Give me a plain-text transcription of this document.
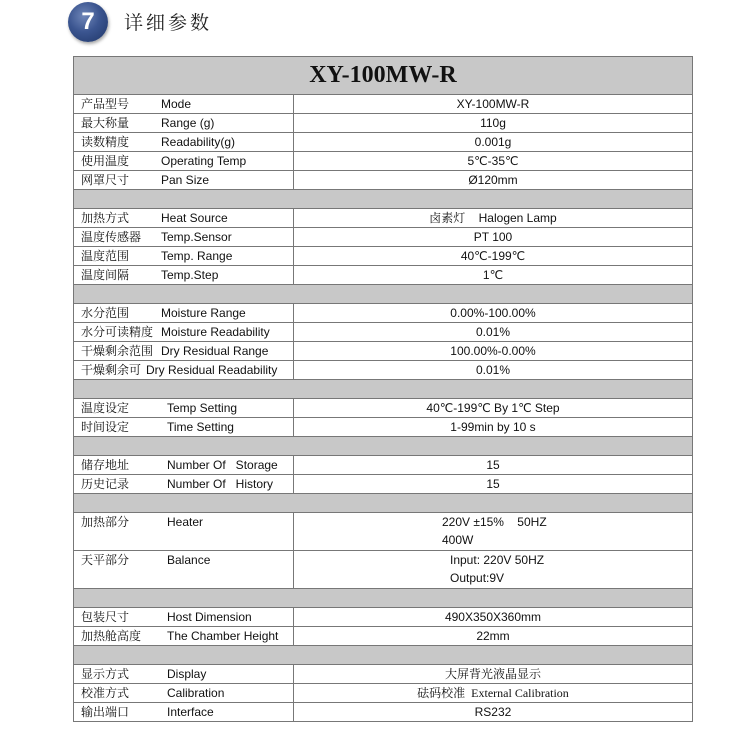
7	详细参数
XY-100MW-R
产品型号	Mode	XY-100MW-R
最大称量	Range (g)	110g
读数精度	Readability(g)	0.001g
使用温度	Operating Temp	5℃-35℃
网罩尺寸	Pan Size	Ø120mm
加热方式	Heat Source	卤素灯    Halogen Lamp
温度传感器 Temp.Sensor	PT 100
温度范围	Temp. Range	40℃-199℃
温度间隔	Temp.Step	1℃
水分范围	Moisture Range	0.00%-100.00%
水分可读精度 Moisture Readability	0.01%
干燥剩余范围 Dry Residual Range	100.00%-0.00%
干燥剩余可 Dry Residual Readability	0.01%
温度设定	Temp Setting	40℃-199℃ By 1℃ Step
时间设定	Time Setting	1-99min by 10 s
储存地址	Number Of   Storage	15
历史记录	Number Of   History	15
加热部分	Heater	220V ±15%    50HZ
400W
天平部分	Balance	Input: 220V 50HZ
Output:9V
包装尺寸	Host Dimension	490X350X360mm
加热舱高度 The Chamber Height	22mm
显示方式	Display	大屏背光液晶显示
校准方式	Calibration	砝码校准  External Calibration
输出端口	Interface	RS232
